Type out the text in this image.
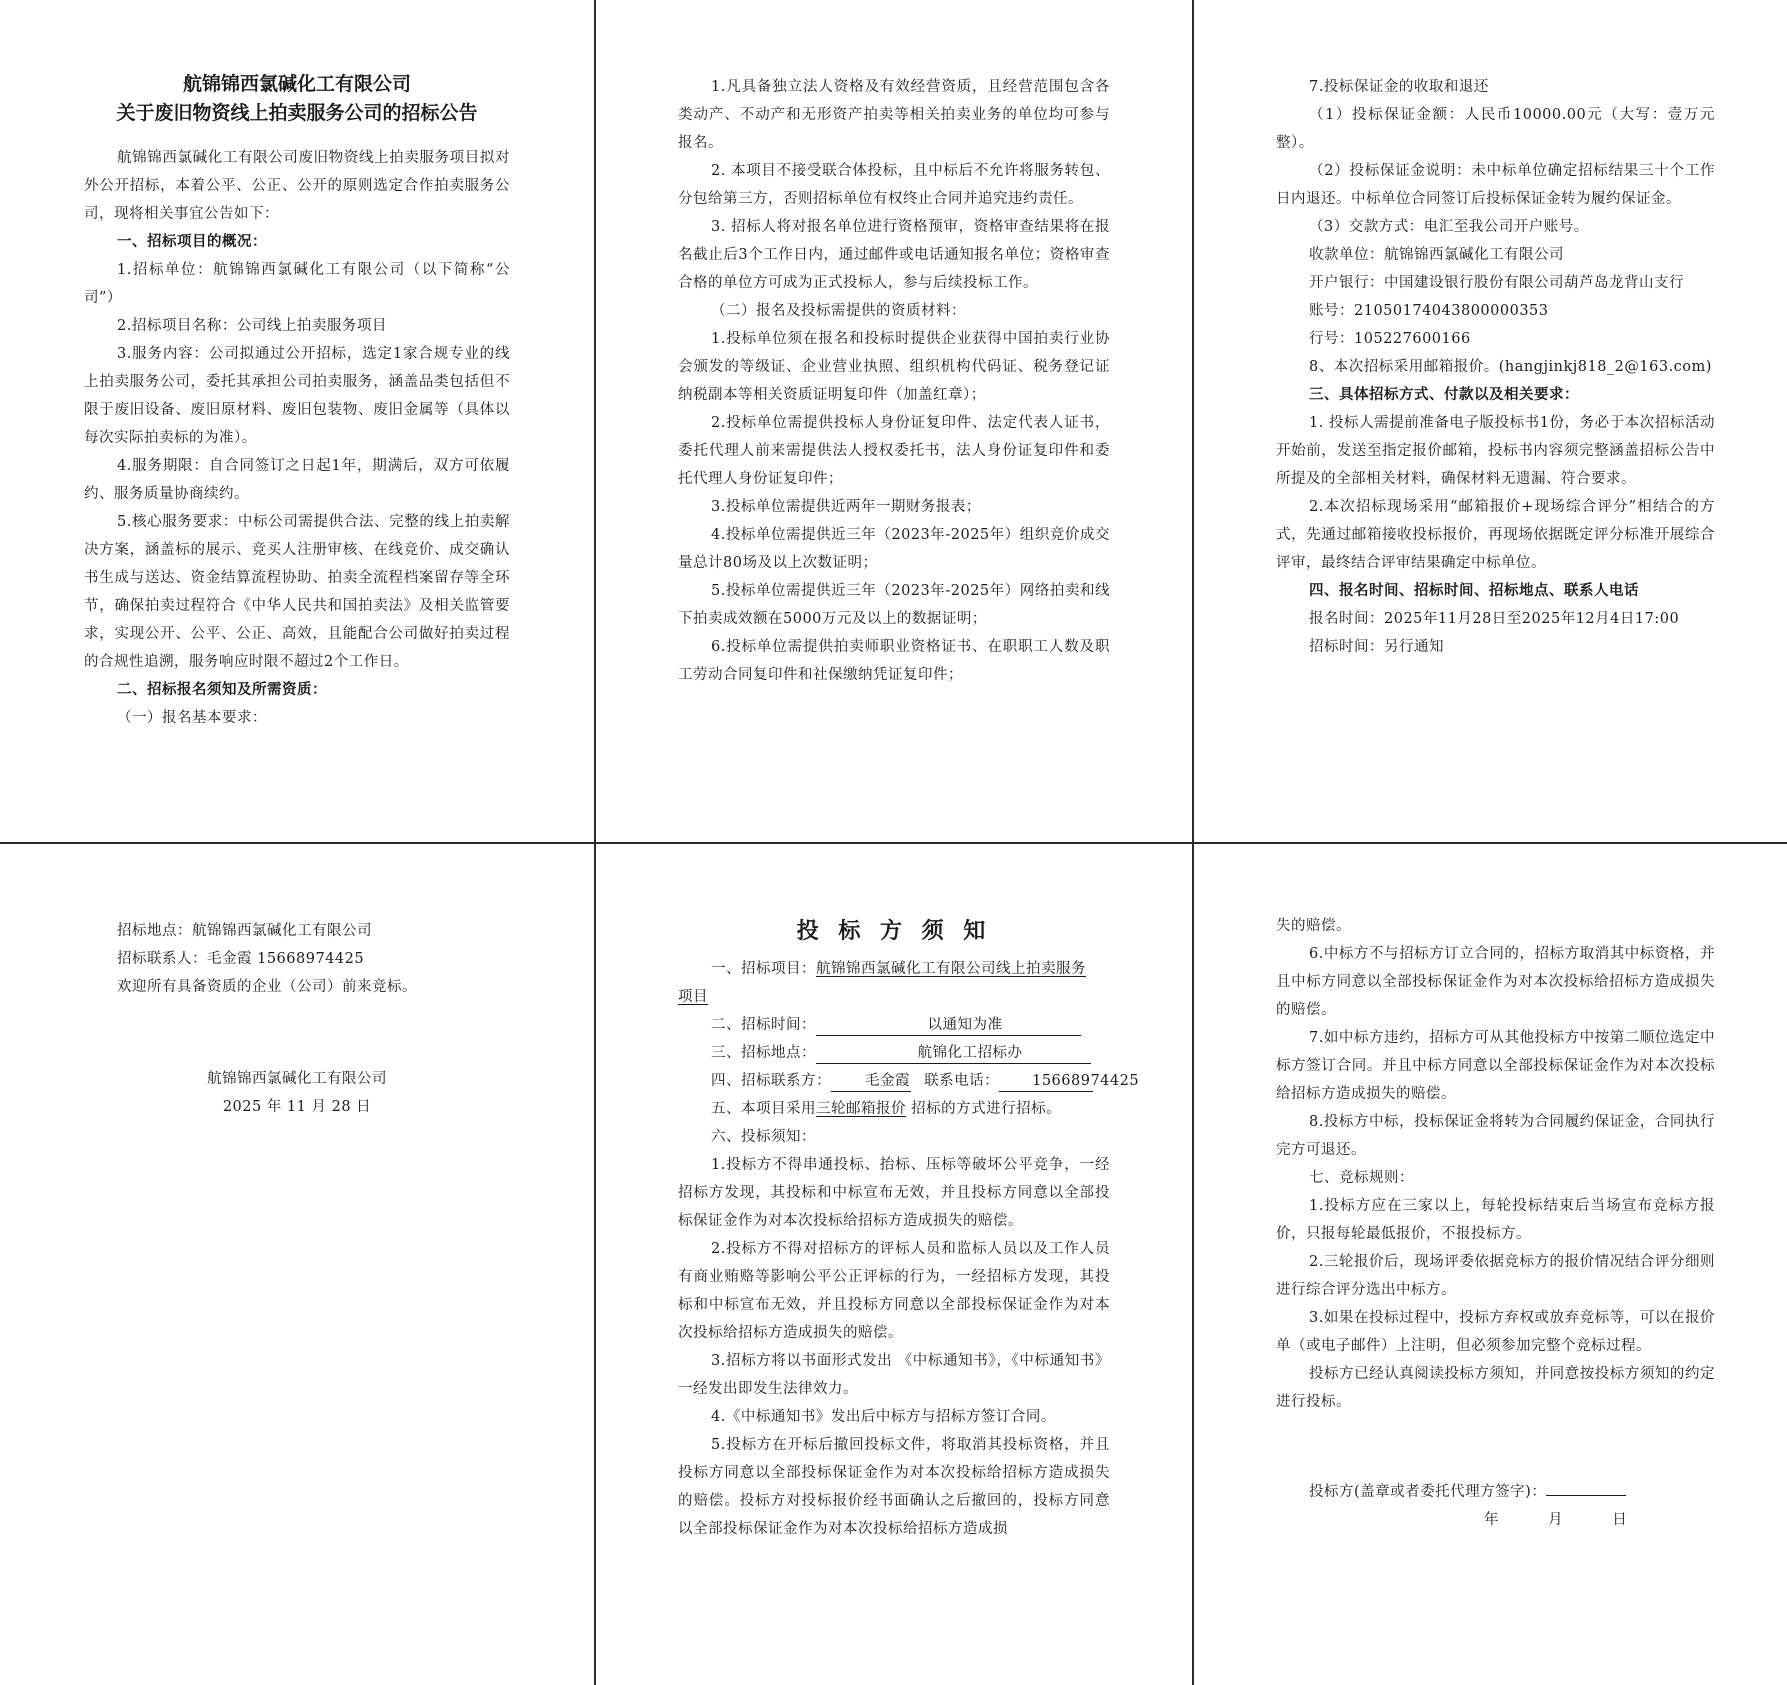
航锦锦西氯碱化工有限公司

关于废旧物资线上拍卖服务公司的招标公告

航锦锦西氯碱化工有限公司废旧物资线上拍卖服务项目拟对外公开招标，本着公平、公正、公开的原则选定合作拍卖服务公司，现将相关事宜公告如下：

一、招标项目的概况：

1.招标单位：航锦锦西氯碱化工有限公司（以下简称“公司”）

2.招标项目名称：公司线上拍卖服务项目

3.服务内容：公司拟通过公开招标，选定1家合规专业的线上拍卖服务公司，委托其承担公司拍卖服务，涵盖品类包括但不限于废旧设备、废旧原材料、废旧包装物、废旧金属等（具体以每次实际拍卖标的为准）。

4.服务期限：自合同签订之日起1年，期满后，双方可依履约、服务质量协商续约。

5.核心服务要求：中标公司需提供合法、完整的线上拍卖解决方案，涵盖标的展示、竞买人注册审核、在线竞价、成交确认书生成与送达、资金结算流程协助、拍卖全流程档案留存等全环节，确保拍卖过程符合《中华人民共和国拍卖法》及相关监管要求，实现公开、公平、公正、高效，且能配合公司做好拍卖过程的合规性追溯，服务响应时限不超过2个工作日。

二、招标报名须知及所需资质：

（一）报名基本要求：

1.凡具备独立法人资格及有效经营资质，且经营范围包含各类动产、不动产和无形资产拍卖等相关拍卖业务的单位均可参与报名。

2. 本项目不接受联合体投标，且中标后不允许将服务转包、分包给第三方，否则招标单位有权终止合同并追究违约责任。

3. 招标人将对报名单位进行资格预审，资格审查结果将在报名截止后3个工作日内，通过邮件或电话通知报名单位；资格审查合格的单位方可成为正式投标人，参与后续投标工作。

（二）报名及投标需提供的资质材料：

1.投标单位须在报名和投标时提供企业获得中国拍卖行业协会颁发的等级证、企业营业执照、组织机构代码证、税务登记证纳税副本等相关资质证明复印件（加盖红章）；

2.投标单位需提供投标人身份证复印件、法定代表人证书，委托代理人前来需提供法人授权委托书，法人身份证复印件和委托代理人身份证复印件；

3.投标单位需提供近两年一期财务报表；

4.投标单位需提供近三年（2023年-2025年）组织竞价成交量总计80场及以上次数证明；

5.投标单位需提供近三年（2023年-2025年）网络拍卖和线下拍卖成效额在5000万元及以上的数据证明；

6.投标单位需提供拍卖师职业资格证书、在职职工人数及职工劳动合同复印件和社保缴纳凭证复印件；

7.投标保证金的收取和退还

（1）投标保证金额：人民币10000.00元（大写：壹万元整）。

（2）投标保证金说明：未中标单位确定招标结果三十个工作日内退还。中标单位合同签订后投标保证金转为履约保证金。

（3）交款方式：电汇至我公司开户账号。

收款单位：航锦锦西氯碱化工有限公司

开户银行：中国建设银行股份有限公司葫芦岛龙背山支行

账号：21050174043800000353

行号：105227600166

8、本次招标采用邮箱报价。(hangjinkj818_2@163.com)

三、具体招标方式、付款以及相关要求：

1. 投标人需提前准备电子版投标书1份，务必于本次招标活动开始前，发送至指定报价邮箱，投标书内容须完整涵盖招标公告中所提及的全部相关材料，确保材料无遗漏、符合要求。

2.本次招标现场采用“邮箱报价+现场综合评分”相结合的方式，先通过邮箱接收投标报价，再现场依据既定评分标准开展综合评审，最终结合评审结果确定中标单位。

四、报名时间、招标时间、招标地点、联系人电话

报名时间：2025年11月28日至2025年12月4日17:00

招标时间：另行通知

招标地点：航锦锦西氯碱化工有限公司

招标联系人：毛金霞 15668974425

欢迎所有具备资质的企业（公司）前来竞标。

航锦锦西氯碱化工有限公司

2025 年 11 月 28 日

投 标 方 须 知

一、招标项目：航锦锦西氯碱化工有限公司线上拍卖服务

项目

二、招标时间：	以通知为准

三、招标地点：	航锦化工招标办

四、招标联系方： 毛金霞 联系电话： 15668974425

五、本项目采用三轮邮箱报价 招标的方式进行招标。

六、投标须知：

1.投标方不得串通投标、抬标、压标等破坏公平竞争，一经招标方发现，其投标和中标宣布无效，并且投标方同意以全部投标保证金作为对本次投标给招标方造成损失的赔偿。

2.投标方不得对招标方的评标人员和监标人员以及工作人员有商业贿赂等影响公平公正评标的行为，一经招标方发现，其投标和中标宣布无效，并且投标方同意以全部投标保证金作为对本次投标给招标方造成损失的赔偿。

3.招标方将以书面形式发出 《中标通知书》，《中标通知书》一经发出即发生法律效力。

4.《中标通知书》发出后中标方与招标方签订合同。

5.投标方在开标后撤回投标文件，将取消其投标资格，并且投标方同意以全部投标保证金作为对本次投标给招标方造成损失的赔偿。投标方对投标报价经书面确认之后撤回的，投标方同意以全部投标保证金作为对本次投标给招标方造成损

失的赔偿。

6.中标方不与招标方订立合同的，招标方取消其中标资格，并且中标方同意以全部投标保证金作为对本次投标给招标方造成损失的赔偿。

7.如中标方违约，招标方可从其他投标方中按第二顺位选定中标方签订合同。并且中标方同意以全部投标保证金作为对本次投标给招标方造成损失的赔偿。

8.投标方中标，投标保证金将转为合同履约保证金，合同执行完方可退还。

七、竞标规则：

1.投标方应在三家以上，每轮投标结束后当场宣布竞标方报价，只报每轮最低报价，不报投标方。

2.三轮报价后，现场评委依据竞标方的报价情况结合评分细则进行综合评分选出中标方。

3.如果在投标过程中，投标方弃权或放弃竞标等，可以在报价单（或电子邮件）上注明，但必须参加完整个竞标过程。

投标方已经认真阅读投标方须知，并同意按投标方须知的约定进行投标。

投标方(盖章或者委托代理方签字)：

年	月	日
